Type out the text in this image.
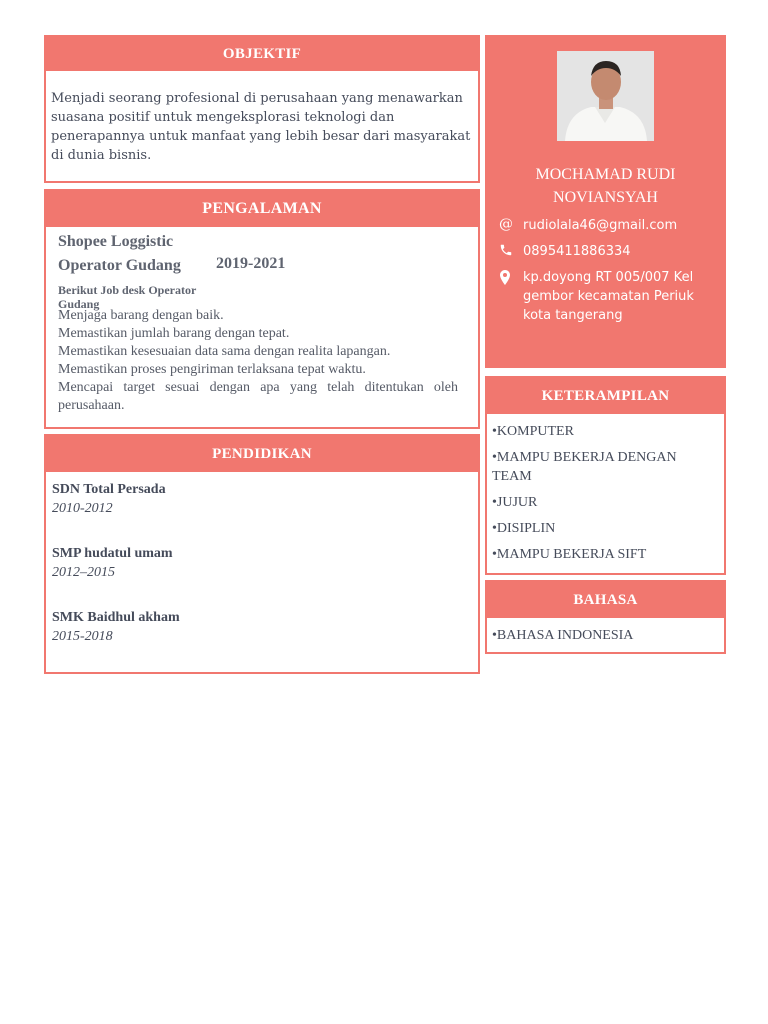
OBJEKTIF
Menjadi seorang profesional di perusahaan yang menawarkan suasana positif untuk mengeksplorasi teknologi dan penerapannya untuk manfaat yang lebih besar dari masyarakat di dunia bisnis.
PENGALAMAN
Shopee Loggistic
Operator Gudang 2019-2021
Berikut Job desk Operator Gudang
Menjaga barang dengan baik.
Memastikan jumlah barang dengan tepat.
Memastikan kesesuaian data sama dengan realita lapangan.
Memastikan proses pengiriman terlaksana tepat waktu.
Mencapai target sesuai dengan apa yang telah ditentukan oleh perusahaan.
PENDIDIKAN
SDN Total Persada
2010-2012
SMP hudatul umam
2012–2015
SMK Baidhul akham
2015-2018
MOCHAMAD RUDI NOVIANSYAH
@ rudiolala46@gmail.com
0895411886334
kp.doyong RT 005/007 Kel gembor kecamatan Periuk kota tangerang
KETERAMPILAN
•KOMPUTER
•MAMPU BEKERJA DENGAN TEAM
•JUJUR
•DISIPLIN
•MAMPU BEKERJA SIFT
BAHASA
•BAHASA INDONESIA
